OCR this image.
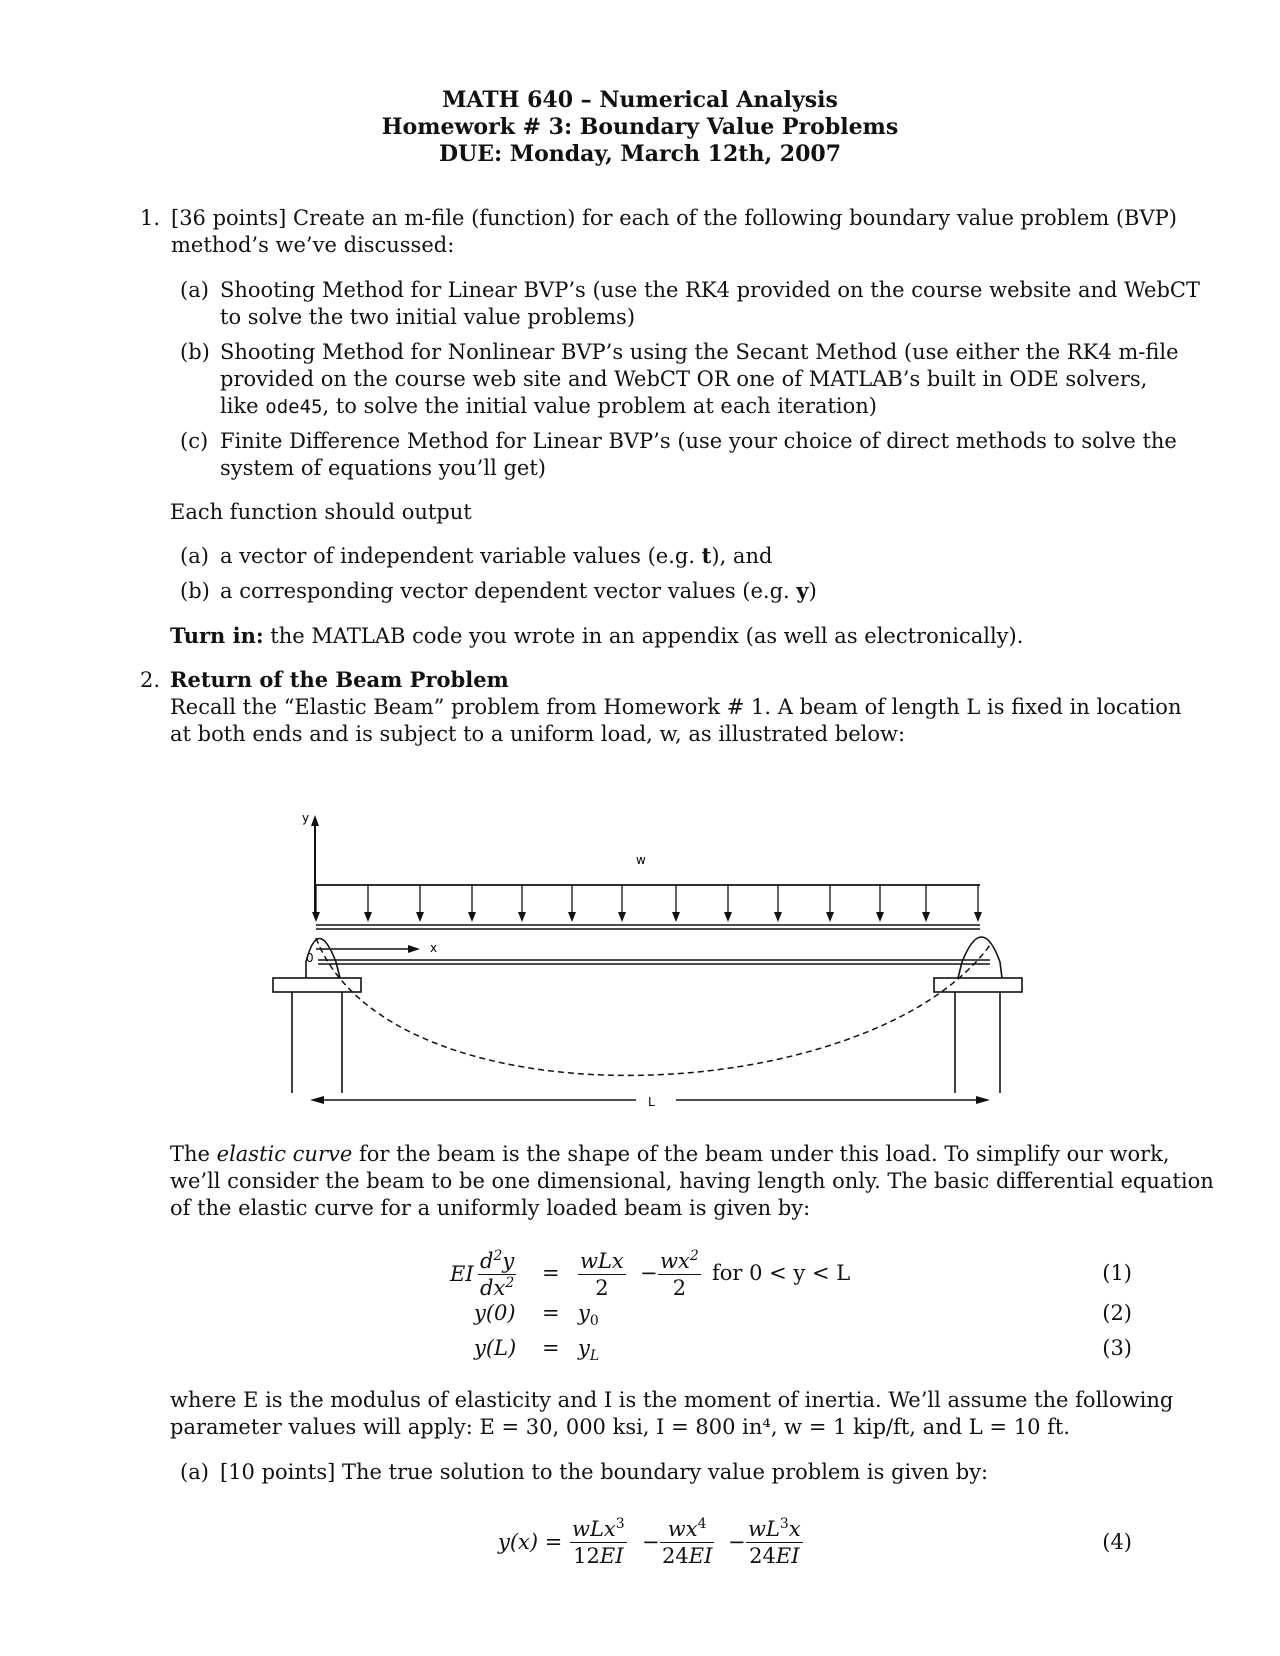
MATH 640 – Numerical Analysis
Homework # 3: Boundary Value Problems
DUE: Monday, March 12th, 2007
1. [36 points] Create an m-file (function) for each of the following boundary value problem (BVP)
method’s we’ve discussed:
(a) Shooting Method for Linear BVP’s (use the RK4 provided on the course website and WebCT
to solve the two initial value problems)
(b) Shooting Method for Nonlinear BVP’s using the Secant Method (use either the RK4 m-file
provided on the course web site and WebCT OR one of MATLAB’s built in ODE solvers,
like ode45, to solve the initial value problem at each iteration)
(c) Finite Difference Method for Linear BVP’s (use your choice of direct methods to solve the
system of equations you’ll get)
Each function should output
(a) a vector of independent variable values (e.g. t), and
(b) a corresponding vector dependent vector values (e.g. y)
Turn in: the MATLAB code you wrote in an appendix (as well as electronically).
2. Return of the Beam Problem
Recall the “Elastic Beam” problem from Homework # 1. A beam of length L is fixed in location
at both ends and is subject to a uniform load, w, as illustrated below:
y
w
x
0
L
The elastic curve for the beam is the shape of the beam under this load. To simplify our work,
we’ll consider the beam to be one dimensional, having length only. The basic differential equation
of the elastic curve for a uniformly loaded beam is given by:
EI $\frac{d^2y}{dx^2}$ = wLx
2
− $\frac{wx^2}{2}$ for 0 < y < L	(1)
$y(0) = y_0$	(2)
$y(L) = y_L$	(3)
where E is the modulus of elasticity and I is the moment of inertia. We’ll assume the following
parameter values will apply: E = 30, 000 ksi, I = 800 in⁴, w = 1 kip/ft, and L = 10 ft.
(a) [10 points] The true solution to the boundary value problem is given by:
y(x) =
wLx$^3$
12EI
− $\frac{wx^4}{24EI} - \frac{wL^3x}{24EI}$	(4)
